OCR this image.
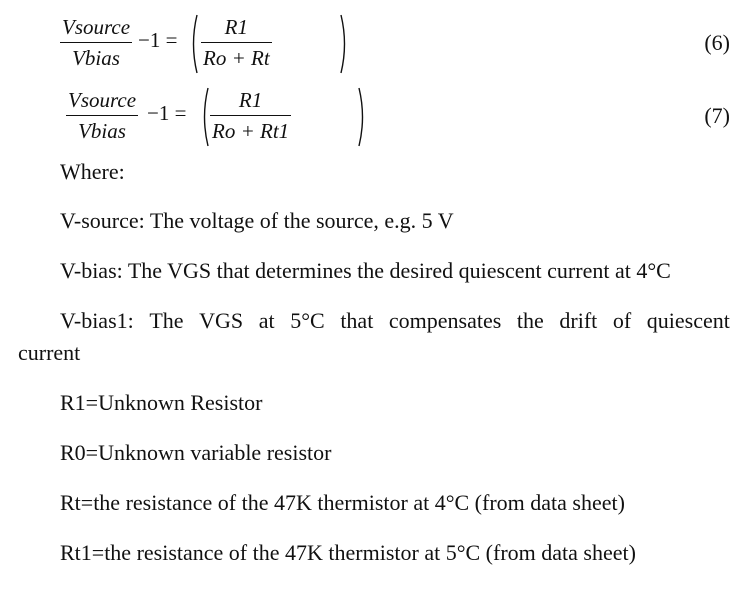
Vsource
Vbias
−1 =
R1
Ro + Rt
(6)
Vsource
Vbias
−1 =
R1
Ro + Rt1
(7)
Where:
V-source: The voltage of the source, e.g. 5 V
V-bias: The VGS that determines the desired quiescent current at 4°C
V-bias1: The VGS at 5°C that compensates the drift of quiescent
current
R1=Unknown Resistor
R0=Unknown variable resistor
Rt=the resistance of the 47K thermistor at 4°C (from data sheet)
Rt1=the resistance of the 47K thermistor at 5°C (from data sheet)
